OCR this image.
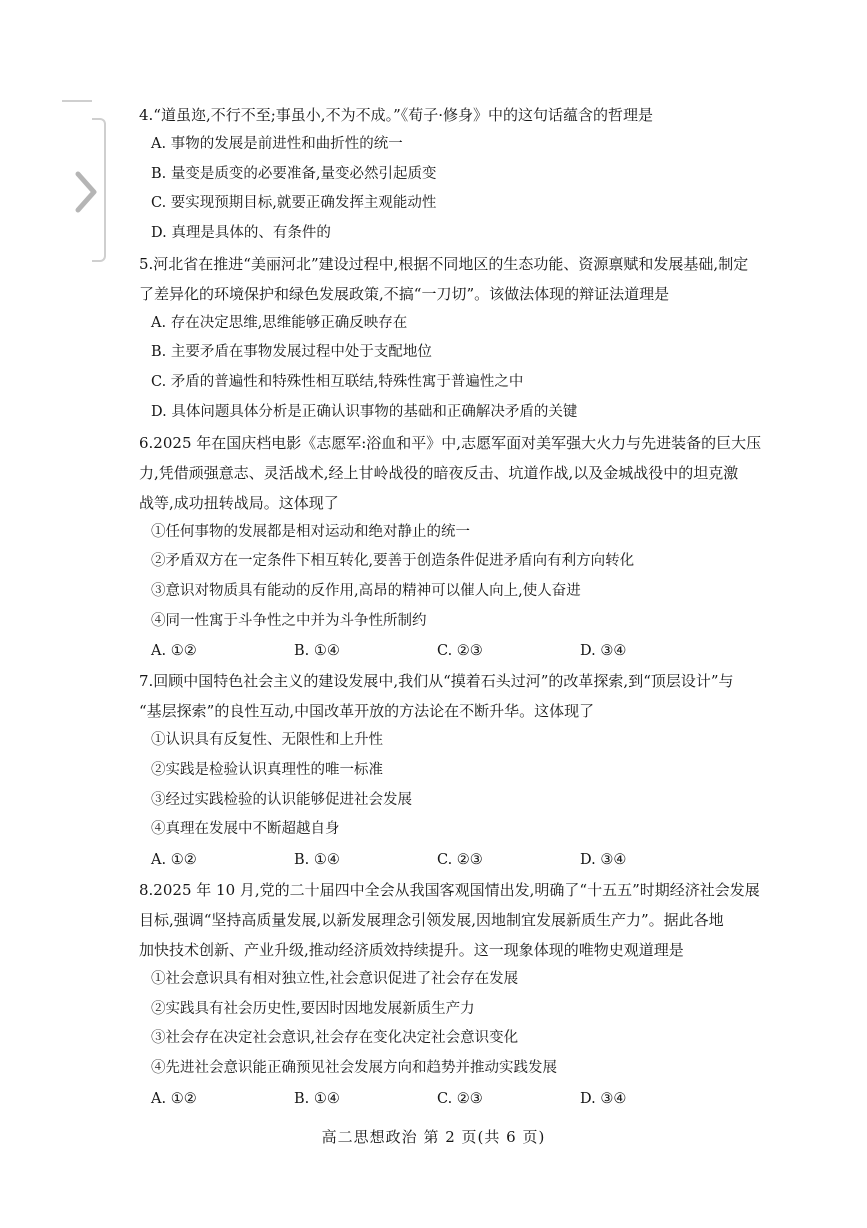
4.“道虽迩,不行不至;事虽小,不为不成。”《荀子·修身》中的这句话蕴含的哲理是
A. 事物的发展是前进性和曲折性的统一
B. 量变是质变的必要准备,量变必然引起质变
C. 要实现预期目标,就要正确发挥主观能动性
D. 真理是具体的、有条件的
5.河北省在推进“美丽河北”建设过程中,根据不同地区的生态功能、资源禀赋和发展基础,制定
了差异化的环境保护和绿色发展政策,不搞“一刀切”。该做法体现的辩证法道理是
A. 存在决定思维,思维能够正确反映存在
B. 主要矛盾在事物发展过程中处于支配地位
C. 矛盾的普遍性和特殊性相互联结,特殊性寓于普遍性之中
D. 具体问题具体分析是正确认识事物的基础和正确解决矛盾的关键
6.2025 年在国庆档电影《志愿军:浴血和平》中,志愿军面对美军强大火力与先进装备的巨大压
力,凭借顽强意志、灵活战术,经上甘岭战役的暗夜反击、坑道作战,以及金城战役中的坦克激
战等,成功扭转战局。这体现了
①任何事物的发展都是相对运动和绝对静止的统一
②矛盾双方在一定条件下相互转化,要善于创造条件促进矛盾向有利方向转化
③意识对物质具有能动的反作用,高昂的精神可以催人向上,使人奋进
④同一性寓于斗争性之中并为斗争性所制约
A. ①②	B. ①④	C. ②③	D. ③④
7.回顾中国特色社会主义的建设发展中,我们从“摸着石头过河”的改革探索,到“顶层设计”与
“基层探索”的良性互动,中国改革开放的方法论在不断升华。这体现了
①认识具有反复性、无限性和上升性
②实践是检验认识真理性的唯一标准
③经过实践检验的认识能够促进社会发展
④真理在发展中不断超越自身
A. ①②	B. ①④	C. ②③	D. ③④
8.2025 年 10 月,党的二十届四中全会从我国客观国情出发,明确了“十五五”时期经济社会发展
目标,强调“坚持高质量发展,以新发展理念引领发展,因地制宜发展新质生产力”。据此各地
加快技术创新、产业升级,推动经济质效持续提升。这一现象体现的唯物史观道理是
①社会意识具有相对独立性,社会意识促进了社会存在发展
②实践具有社会历史性,要因时因地发展新质生产力
③社会存在决定社会意识,社会存在变化决定社会意识变化
④先进社会意识能正确预见社会发展方向和趋势并推动实践发展
A. ①②	B. ①④	C. ②③	D. ③④
高二思想政治 第 2 页(共 6 页)
